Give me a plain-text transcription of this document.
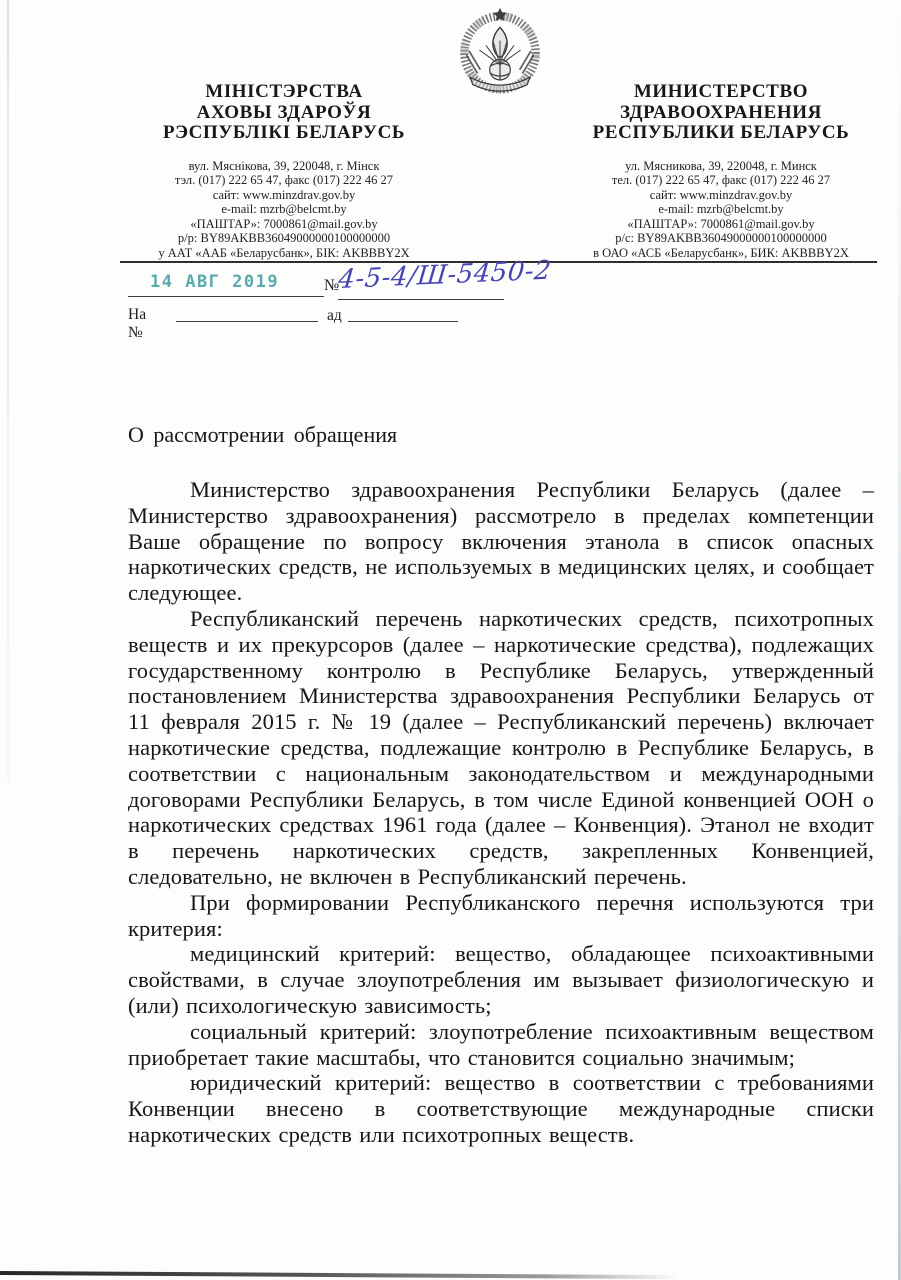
МІНІСТЭРСТВА
АХОВЫ ЗДАРОЎЯ
РЭСПУБЛІКІ БЕЛАРУСЬ
вул. Мяснікова, 39, 220048, г. Мінск
тэл. (017) 222 65 47, факс (017) 222 46 27
сайт: www.minzdrav.gov.by
e-mail: mzrb@belcmt.by
«ПАШТАР»: 7000861@mail.gov.by
р/р: BY89AKBB36049000000100000000
у ААТ «ААБ «Беларусбанк», БІК: AKBBBY2X
МИНИСТЕРСТВО
ЗДРАВООХРАНЕНИЯ
РЕСПУБЛИКИ БЕЛАРУСЬ
ул. Мясникова, 39, 220048, г. Минск
тел. (017) 222 65 47, факс (017) 222 46 27
сайт: www.minzdrav.gov.by
e-mail: mzrb@belcmt.by
«ПАШТАР»: 7000861@mail.gov.by
р/с: BY89AKBB36049000000100000000
в ОАО «АСБ «Беларусбанк», БИК: AKBBBY2X
14 АВГ 2019	№
4-5-4/Ш-5450-2
На №
ад
О рассмотрении обращения

Министерство здравоохранения Республики Беларусь (далее – Министерство здравоохранения) рассмотрело в пределах компетенции Ваше обращение по вопросу включения этанола в список опасных наркотических средств, не используемых в медицинских целях, и сообщает следующее.

Республиканский перечень наркотических средств, психотропных веществ и их прекурсоров (далее – наркотические средства), подлежащих государственному контролю в Республике Беларусь, утвержденный постановлением Министерства здравоохранения Республики Беларусь от 11 февраля 2015 г. № 19 (далее – Республиканский перечень) включает наркотические средства, подлежащие контролю в Республике Беларусь, в соответствии с национальным законодательством и международными договорами Республики Беларусь, в том числе Единой конвенцией ООН о наркотических средствах 1961 года (далее – Конвенция). Этанол не входит в перечень наркотических средств, закрепленных Конвенцией, следовательно, не включен в Республиканский перечень.

При формировании Республиканского перечня используются три критерия:

медицинский критерий: вещество, обладающее психоактивными свойствами, в случае злоупотребления им вызывает физиологическую и (или) психологическую зависимость;

социальный критерий: злоупотребление психоактивным веществом приобретает такие масштабы, что становится социально значимым;

юридический критерий: вещество в соответствии с требованиями Конвенции внесено в соответствующие международные списки наркотических средств или психотропных веществ.
